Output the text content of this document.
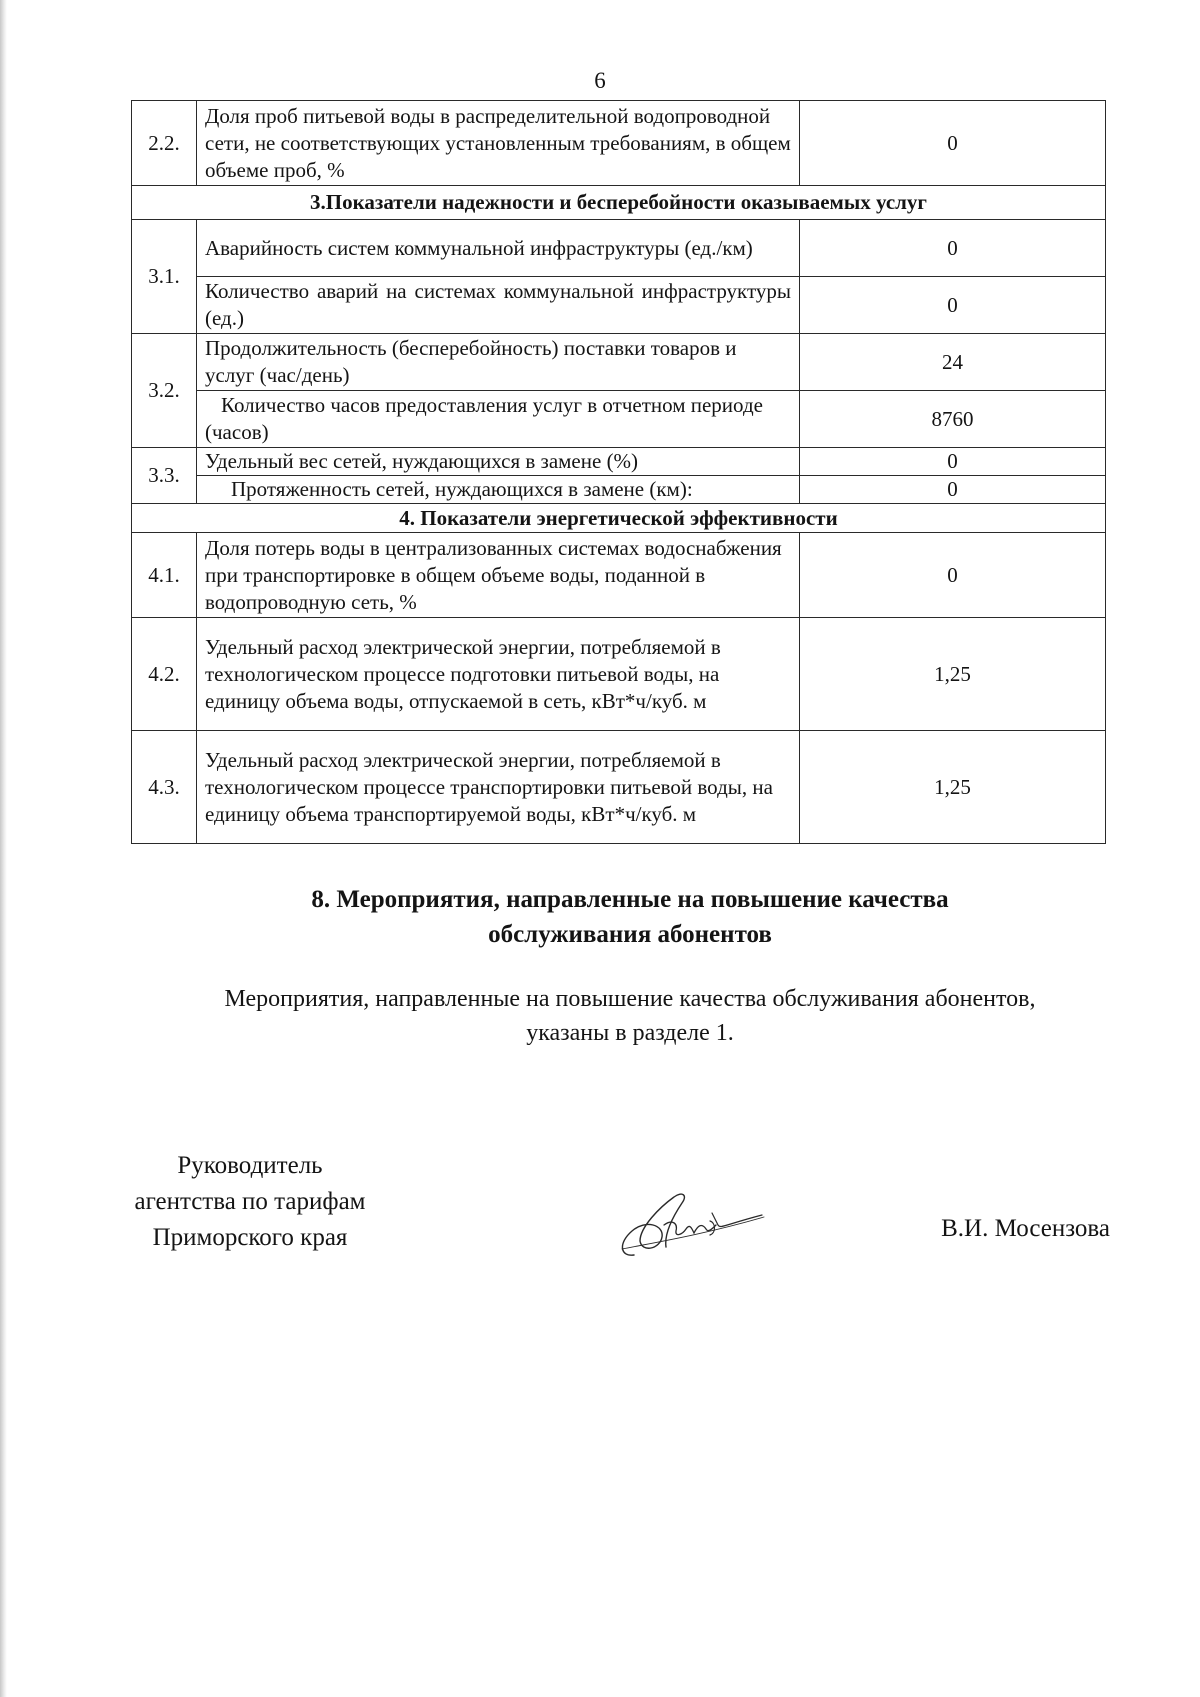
6
2.2.	Доля проб питьевой воды в распределительной водопроводной сети, не соответствующих установленным требованиям, в общем объеме проб, %	0
3.Показатели надежности и бесперебойности оказываемых услуг		
3.1.	Аварийность систем коммунальной инфраструктуры (ед./км)	0
	Количество аварий на системах коммунальной инфраструктуры (ед.)	0
3.2.	Продолжительность (бесперебойность) поставки товаров и услуг (час/день)	24
	Количество часов предоставления услуг в отчетном периоде (часов)	8760
3.3.	Удельный вес сетей, нуждающихся в замене (%)	0
	Протяженность сетей, нуждающихся в замене (км):	0
4. Показатели энергетической эффективности		
4.1.	Доля потерь воды в централизованных системах водоснабжения при транспортировке в общем объеме воды, поданной в водопроводную сеть, %	0
4.2.	Удельный расход электрической энергии, потребляемой в технологическом процессе подготовки питьевой воды, на единицу объема воды, отпускаемой в сеть, кВт*ч/куб. м	1,25
4.3.	Удельный расход электрической энергии, потребляемой в технологическом процессе транспортировки питьевой воды, на единицу объема транспортируемой воды, кВт*ч/куб. м	1,25
8. Мероприятия, направленные на повышение качества
обслуживания абонентов
Мероприятия, направленные на повышение качества обслуживания абонентов,
указаны в разделе 1.
Руководитель
агентства по тарифам
Приморского края	В.И. Мосензова
